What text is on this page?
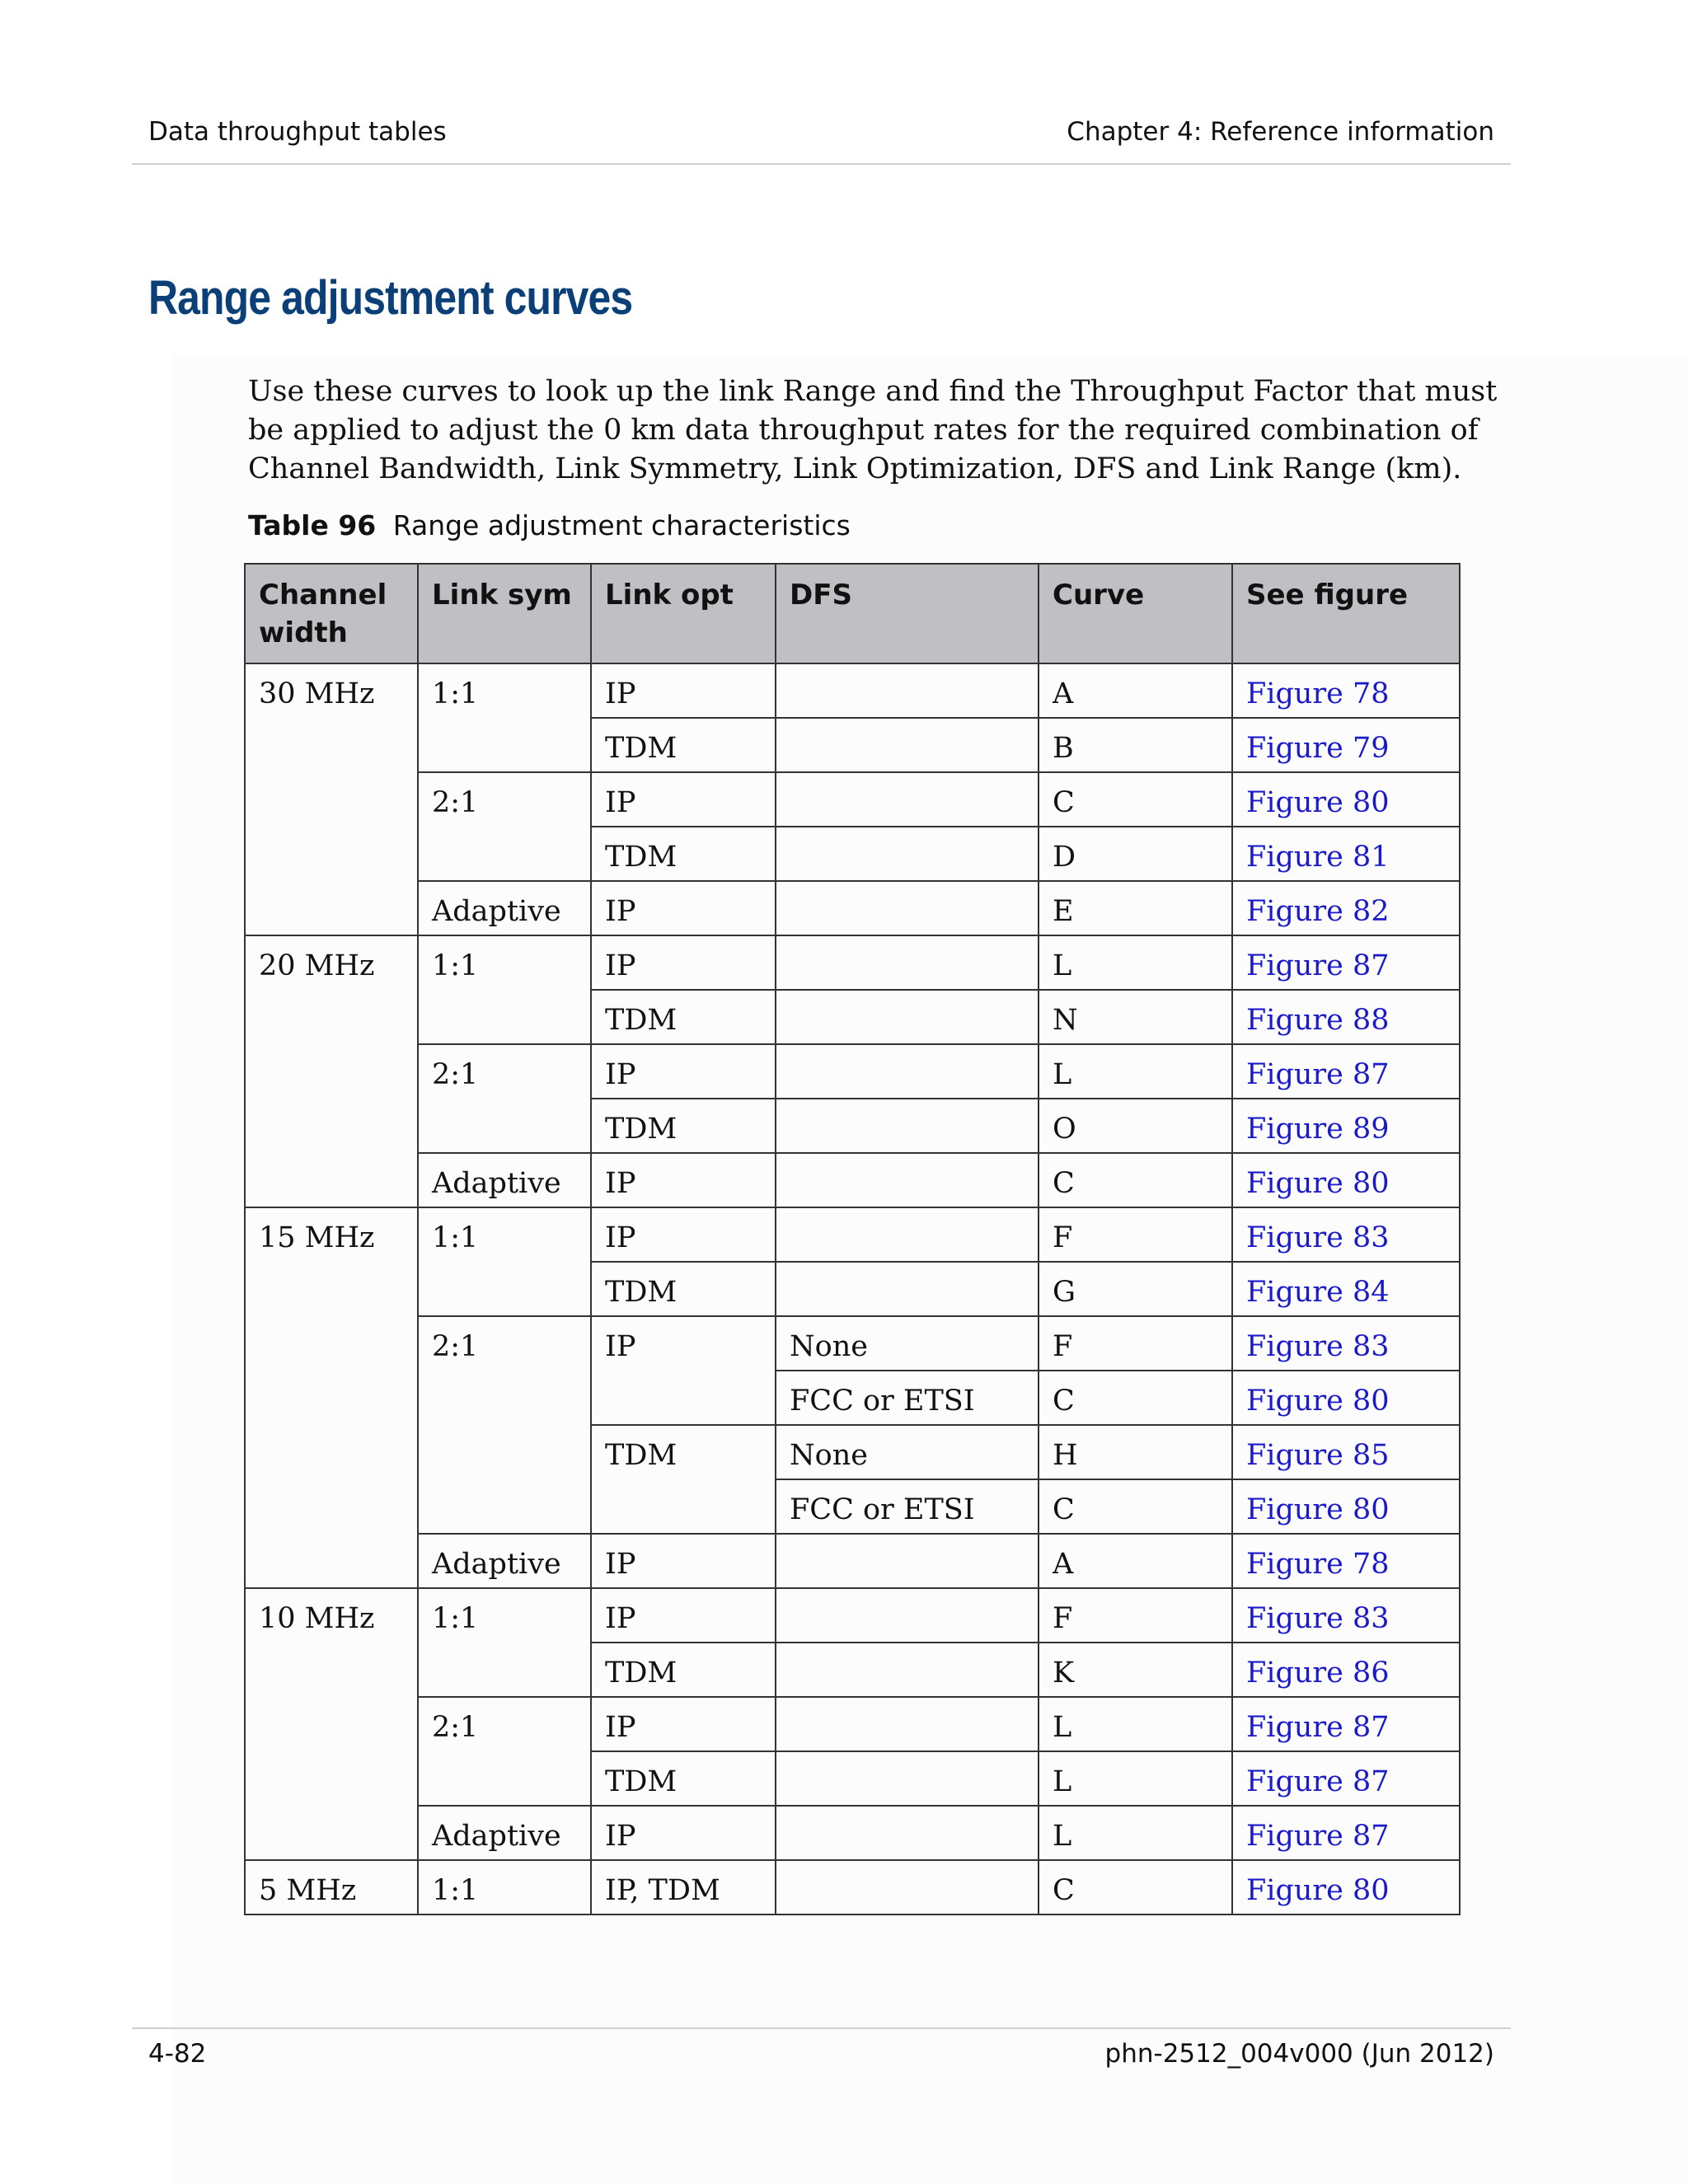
Data throughput tables	Chapter 4: Reference information
Range adjustment curves
Use these curves to look up the link Range and find the Throughput Factor that must be applied to adjust the 0 km data throughput rates for the required combination of Channel Bandwidth, Link Symmetry, Link Optimization, DFS and Link Range (km).
Table 96 Range adjustment characteristics
Channel width	Link sym	Link opt	DFS	Curve	See figure
30 MHz	1:1	IP		A	Figure 78
		TDM		B	Figure 79
	2:1	IP		C	Figure 80
		TDM		D	Figure 81
	Adaptive	IP		E	Figure 82
20 MHz	1:1	IP		L	Figure 87
		TDM		N	Figure 88
	2:1	IP		L	Figure 87
		TDM		O	Figure 89
	Adaptive	IP		C	Figure 80
15 MHz	1:1	IP		F	Figure 83
		TDM		G	Figure 84
	2:1	IP	None	F	Figure 83
			FCC or ETSI	C	Figure 80
		TDM	None	H	Figure 85
			FCC or ETSI	C	Figure 80
	Adaptive	IP		A	Figure 78
10 MHz	1:1	IP		F	Figure 83
		TDM		K	Figure 86
	2:1	IP		L	Figure 87
		TDM		L	Figure 87
	Adaptive	IP		L	Figure 87
5 MHz	1:1	IP, TDM		C	Figure 80
4-82	phn-2512_004v000 (Jun 2012)
